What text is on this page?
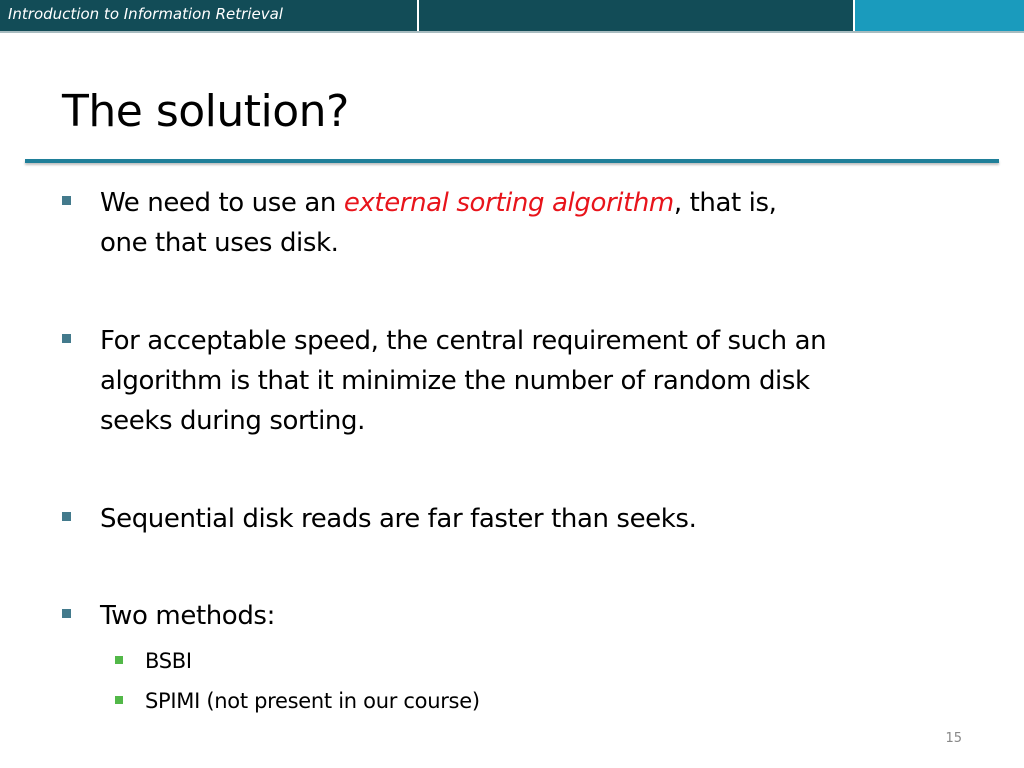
Introduction to Information Retrieval
The solution?
We need to use an external sorting algorithm, that is,
one that uses disk.
For acceptable speed, the central requirement of such an
algorithm is that it minimize the number of random disk
seeks during sorting.
Sequential disk reads are far faster than seeks.
Two methods:
BSBI
SPIMI (not present in our course)
15
